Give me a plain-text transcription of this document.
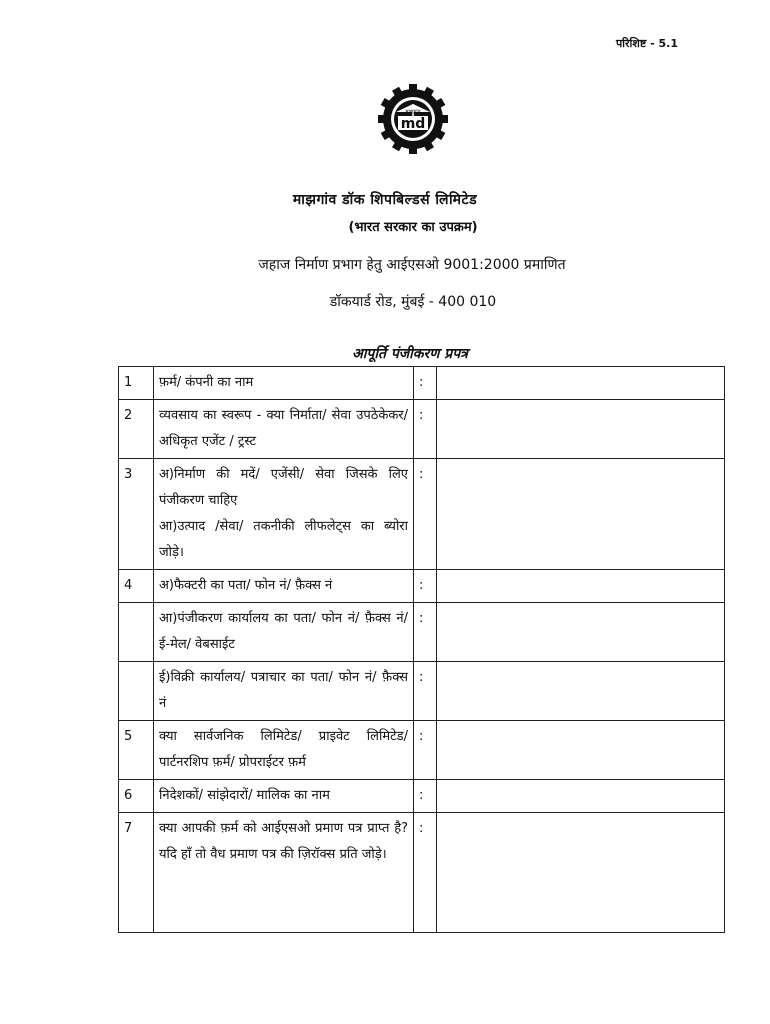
परिशिष्ट - 5.1
md
माझगांव
माझगांव डॉक शिपबिल्डर्स लिमिटेड
(भारत सरकार का उपक्रम)
जहाज निर्माण प्रभाग हेतु आईएसओ 9001:2000 प्रमाणित
डॉकयार्ड रोड, मुंबई - 400 010
आपूर्ति पंजीकरण प्रपत्र
1	फ़र्म/ कंपनी का नाम	:	
2	व्यवसाय का स्वरूप - क्या निर्माता/ सेवा उपठेकेकर/ अधिकृत एजेंट / ट्रस्ट	:	
3	अ)निर्माण की मदें/ एजेंसी/ सेवा जिसके लिए पंजीकरण चाहिए
आ)उत्पाद /सेवा/ तकनीकी लीफलेट्स का ब्योरा जोड़े।	:	
4	अ)फैक्टरी का पता/ फोन नं/ फ़ैक्स नं	:	
	आ)पंजीकरण कार्यालय का पता/ फोन नं/ फ़ैक्स नं/ ई-मेल/ वेबसाईट	:	
	ई)विक्री कार्यालय/ पत्राचार का पता/ फोन नं/ फ़ैक्स नं	:	
5	क्या सार्वजनिक लिमिटेड/ प्राइवेट लिमिटेड/ पार्टनरशिप फ़र्म/ प्रोपराईटर फ़र्म	:	
6	निदेशकों/ सांझेदारों/ मालिक का नाम	:	
7	क्या आपकी फ़र्म को आईएसओ प्रमाण पत्र प्राप्त है? यदि हाँ तो वैध प्रमाण पत्र की ज़िरॉक्स प्रति जोड़े।	:	
